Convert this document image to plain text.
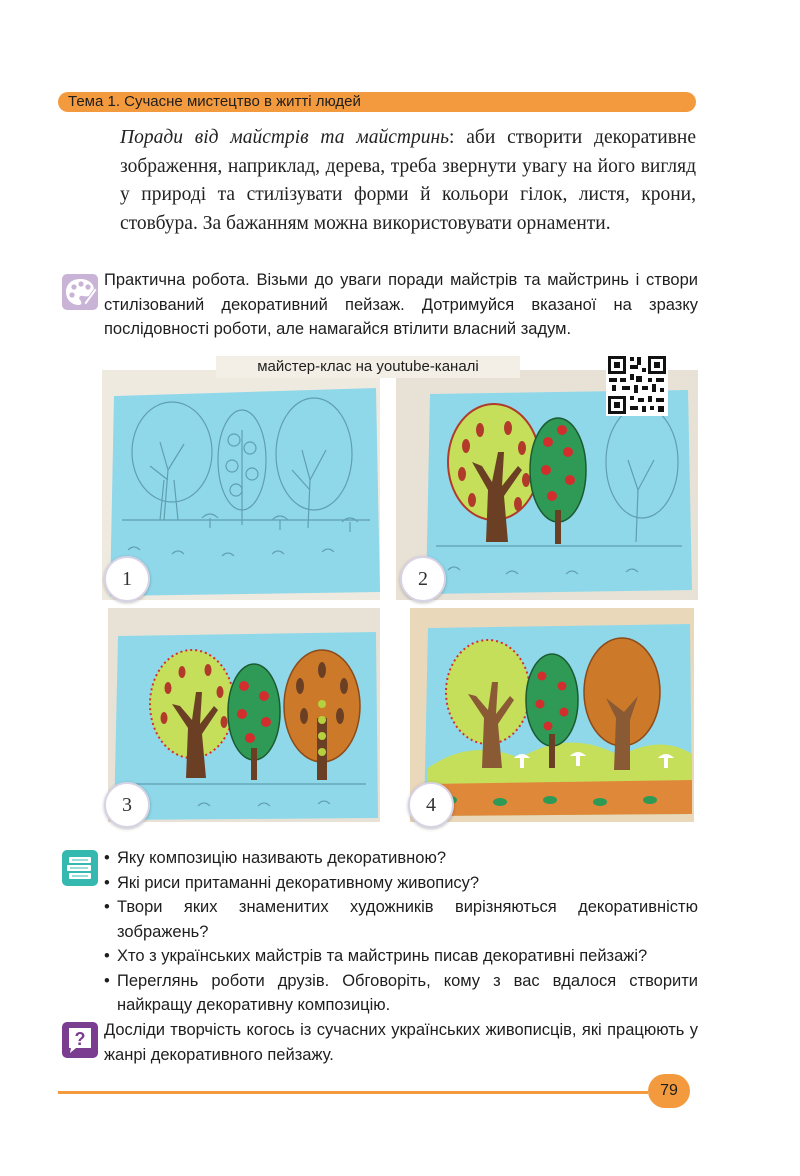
Тема 1. Сучасне мистецтво в житті людей
Поради від майстрів та майстринь: аби створити декоративне зображення, наприклад, дерева, треба звернути увагу на його вигляд у природі та стилізувати форми й кольори гілок, листя, крони, стовбура. За бажанням можна використовувати орнаменти.
Практична робота. Візьми до уваги поради майстрів та майстринь і створи стилізований декоративний пейзаж. Дотримуйся вказаної на зразку послідовності роботи, але намагайся втілити власний задум.
майстер-клас на youtube-каналі
1	2
3	4
• Яку композицію називають декоративною?
• Які риси притаманні декоративному живопису?
• Твори яких знаменитих художників вирізняються декоративністю зображень?
• Хто з українських майстрів та майстринь писав декоративні пейзажі?
• Переглянь роботи друзів. Обговоріть, кому з вас вдалося створити найкращу декоративну композицію.
? Досліди творчість когось із сучасних українських живописців, які працюють у жанрі декоративного пейзажу.
79
